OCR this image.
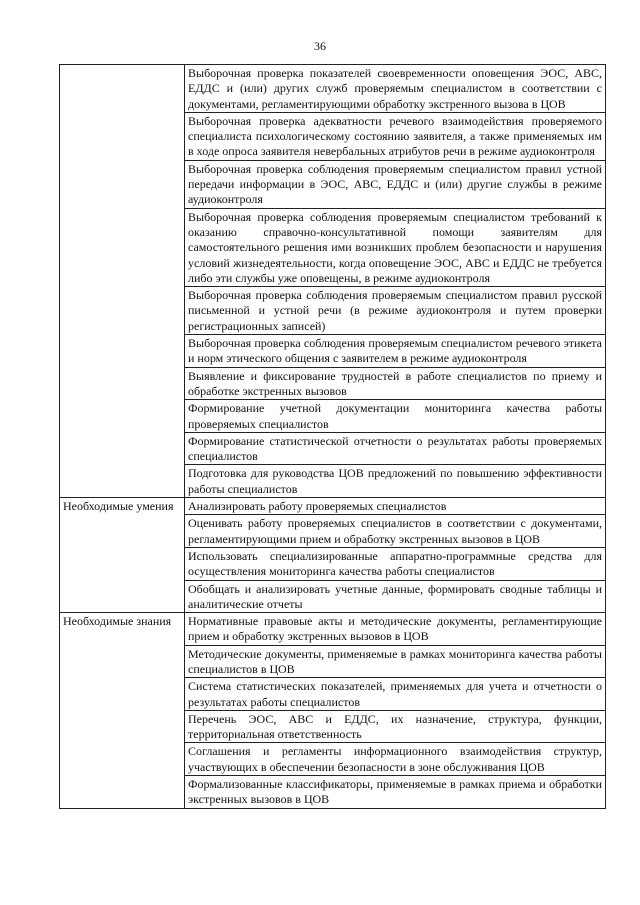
36
	Выборочная проверка показателей своевременности оповещения ЭОС, АВС, ЕДДС и (или) других служб проверяемым специалистом в соответствии с документами, регламентирующими обработку экстренного вызова в ЦОВ
	Выборочная проверка адекватности речевого взаимодействия проверяемого специалиста психологическому состоянию заявителя, а также применяемых им в ходе опроса заявителя невербальных атрибутов речи в режиме аудиоконтроля
	Выборочная проверка соблюдения проверяемым специалистом правил устной передачи информации в ЭОС, АВС, ЕДДС и (или) другие службы в режиме аудиоконтроля
	Выборочная проверка соблюдения проверяемым специалистом требований к оказанию справочно-консультативной помощи заявителям для самостоятельного решения ими возникших проблем безопасности и нарушения условий жизнедеятельности, когда оповещение ЭОС, АВС и ЕДДС не требуется либо эти службы уже оповещены, в режиме аудиоконтроля
	Выборочная проверка соблюдения проверяемым специалистом правил русской письменной и устной речи (в режиме аудиоконтроля и путем проверки регистрационных записей)
	Выборочная проверка соблюдения проверяемым специалистом речевого этикета и норм этического общения с заявителем в режиме аудиоконтроля
	Выявление и фиксирование трудностей в работе специалистов по приему и обработке экстренных вызовов
	Формирование учетной документации мониторинга качества работы проверяемых специалистов
	Формирование статистической отчетности о результатах работы проверяемых специалистов
	Подготовка для руководства ЦОВ предложений по повышению эффективности работы специалистов
Необходимые умения	Анализировать работу проверяемых специалистов
	Оценивать работу проверяемых специалистов в соответствии с документами, регламентирующими прием и обработку экстренных вызовов в ЦОВ
	Использовать специализированные аппаратно-программные средства для осуществления мониторинга качества работы специалистов
	Обобщать и анализировать учетные данные, формировать сводные таблицы и аналитические отчеты
Необходимые знания	Нормативные правовые акты и методические документы, регламентирующие прием и обработку экстренных вызовов в ЦОВ
	Методические документы, применяемые в рамках мониторинга качества работы специалистов в ЦОВ
	Система статистических показателей, применяемых для учета и отчетности о результатах работы специалистов
	Перечень ЭОС, АВС и ЕДДС, их назначение, структура, функции, территориальная ответственность
	Соглашения и регламенты информационного взаимодействия структур, участвующих в обеспечении безопасности в зоне обслуживания ЦОВ
	Формализованные классификаторы, применяемые в рамках приема и обработки экстренных вызовов в ЦОВ
